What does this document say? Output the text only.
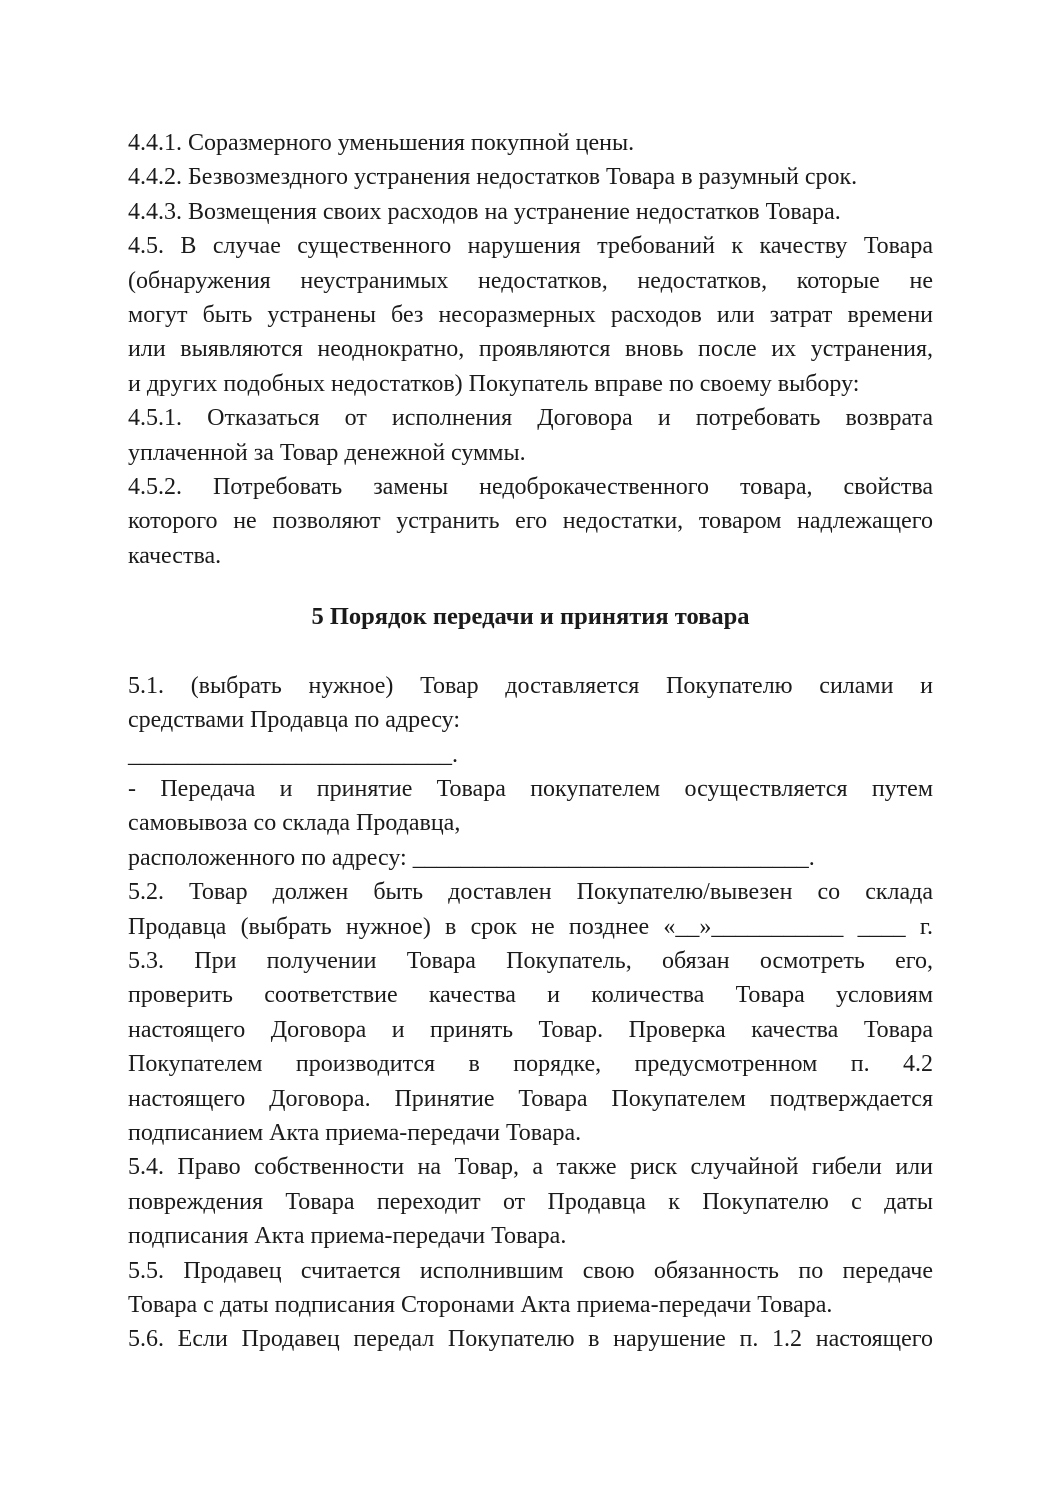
4.4.1. Соразмерного уменьшения покупной цены.
4.4.2. Безвозмездного устранения недостатков Товара в разумный срок.
4.4.3. Возмещения своих расходов на устранение недостатков Товара.
4.5. В случае существенного нарушения требований к качеству Товара
(обнаружения неустранимых недостатков, недостатков, которые не
могут быть устранены без несоразмерных расходов или затрат времени
или выявляются неоднократно, проявляются вновь после их устранения,
и других подобных недостатков) Покупатель вправе по своему выбору:
4.5.1. Отказаться от исполнения Договора и потребовать возврата
уплаченной за Товар денежной суммы.
4.5.2. Потребовать замены недоброкачественного товара, свойства
которого не позволяют устранить его недостатки, товаром надлежащего
качества.
5 Порядок передачи и принятия товара
5.1. (выбрать нужное) Товар доставляется Покупателю силами и
средствами Продавца по адресу:
___________________________.
- Передача и принятие Товара покупателем осуществляется путем
самовывоза со склада Продавца,
расположенного по адресу: _________________________________.
5.2. Товар должен быть доставлен Покупателю/вывезен со склада
Продавца (выбрать нужное) в срок не позднее «__»___________ ____ г.
5.3. При получении Товара Покупатель, обязан осмотреть его,
проверить соответствие качества и количества Товара условиям
настоящего Договора и принять Товар. Проверка качества Товара
Покупателем производится в порядке, предусмотренном п. 4.2
настоящего Договора. Принятие Товара Покупателем подтверждается
подписанием Акта приема-передачи Товара.
5.4. Право собственности на Товар, а также риск случайной гибели или
повреждения Товара переходит от Продавца к Покупателю с даты
подписания Акта приема-передачи Товара.
5.5. Продавец считается исполнившим свою обязанность по передаче
Товара с даты подписания Сторонами Акта приема-передачи Товара.
5.6. Если Продавец передал Покупателю в нарушение п. 1.2 настоящего
